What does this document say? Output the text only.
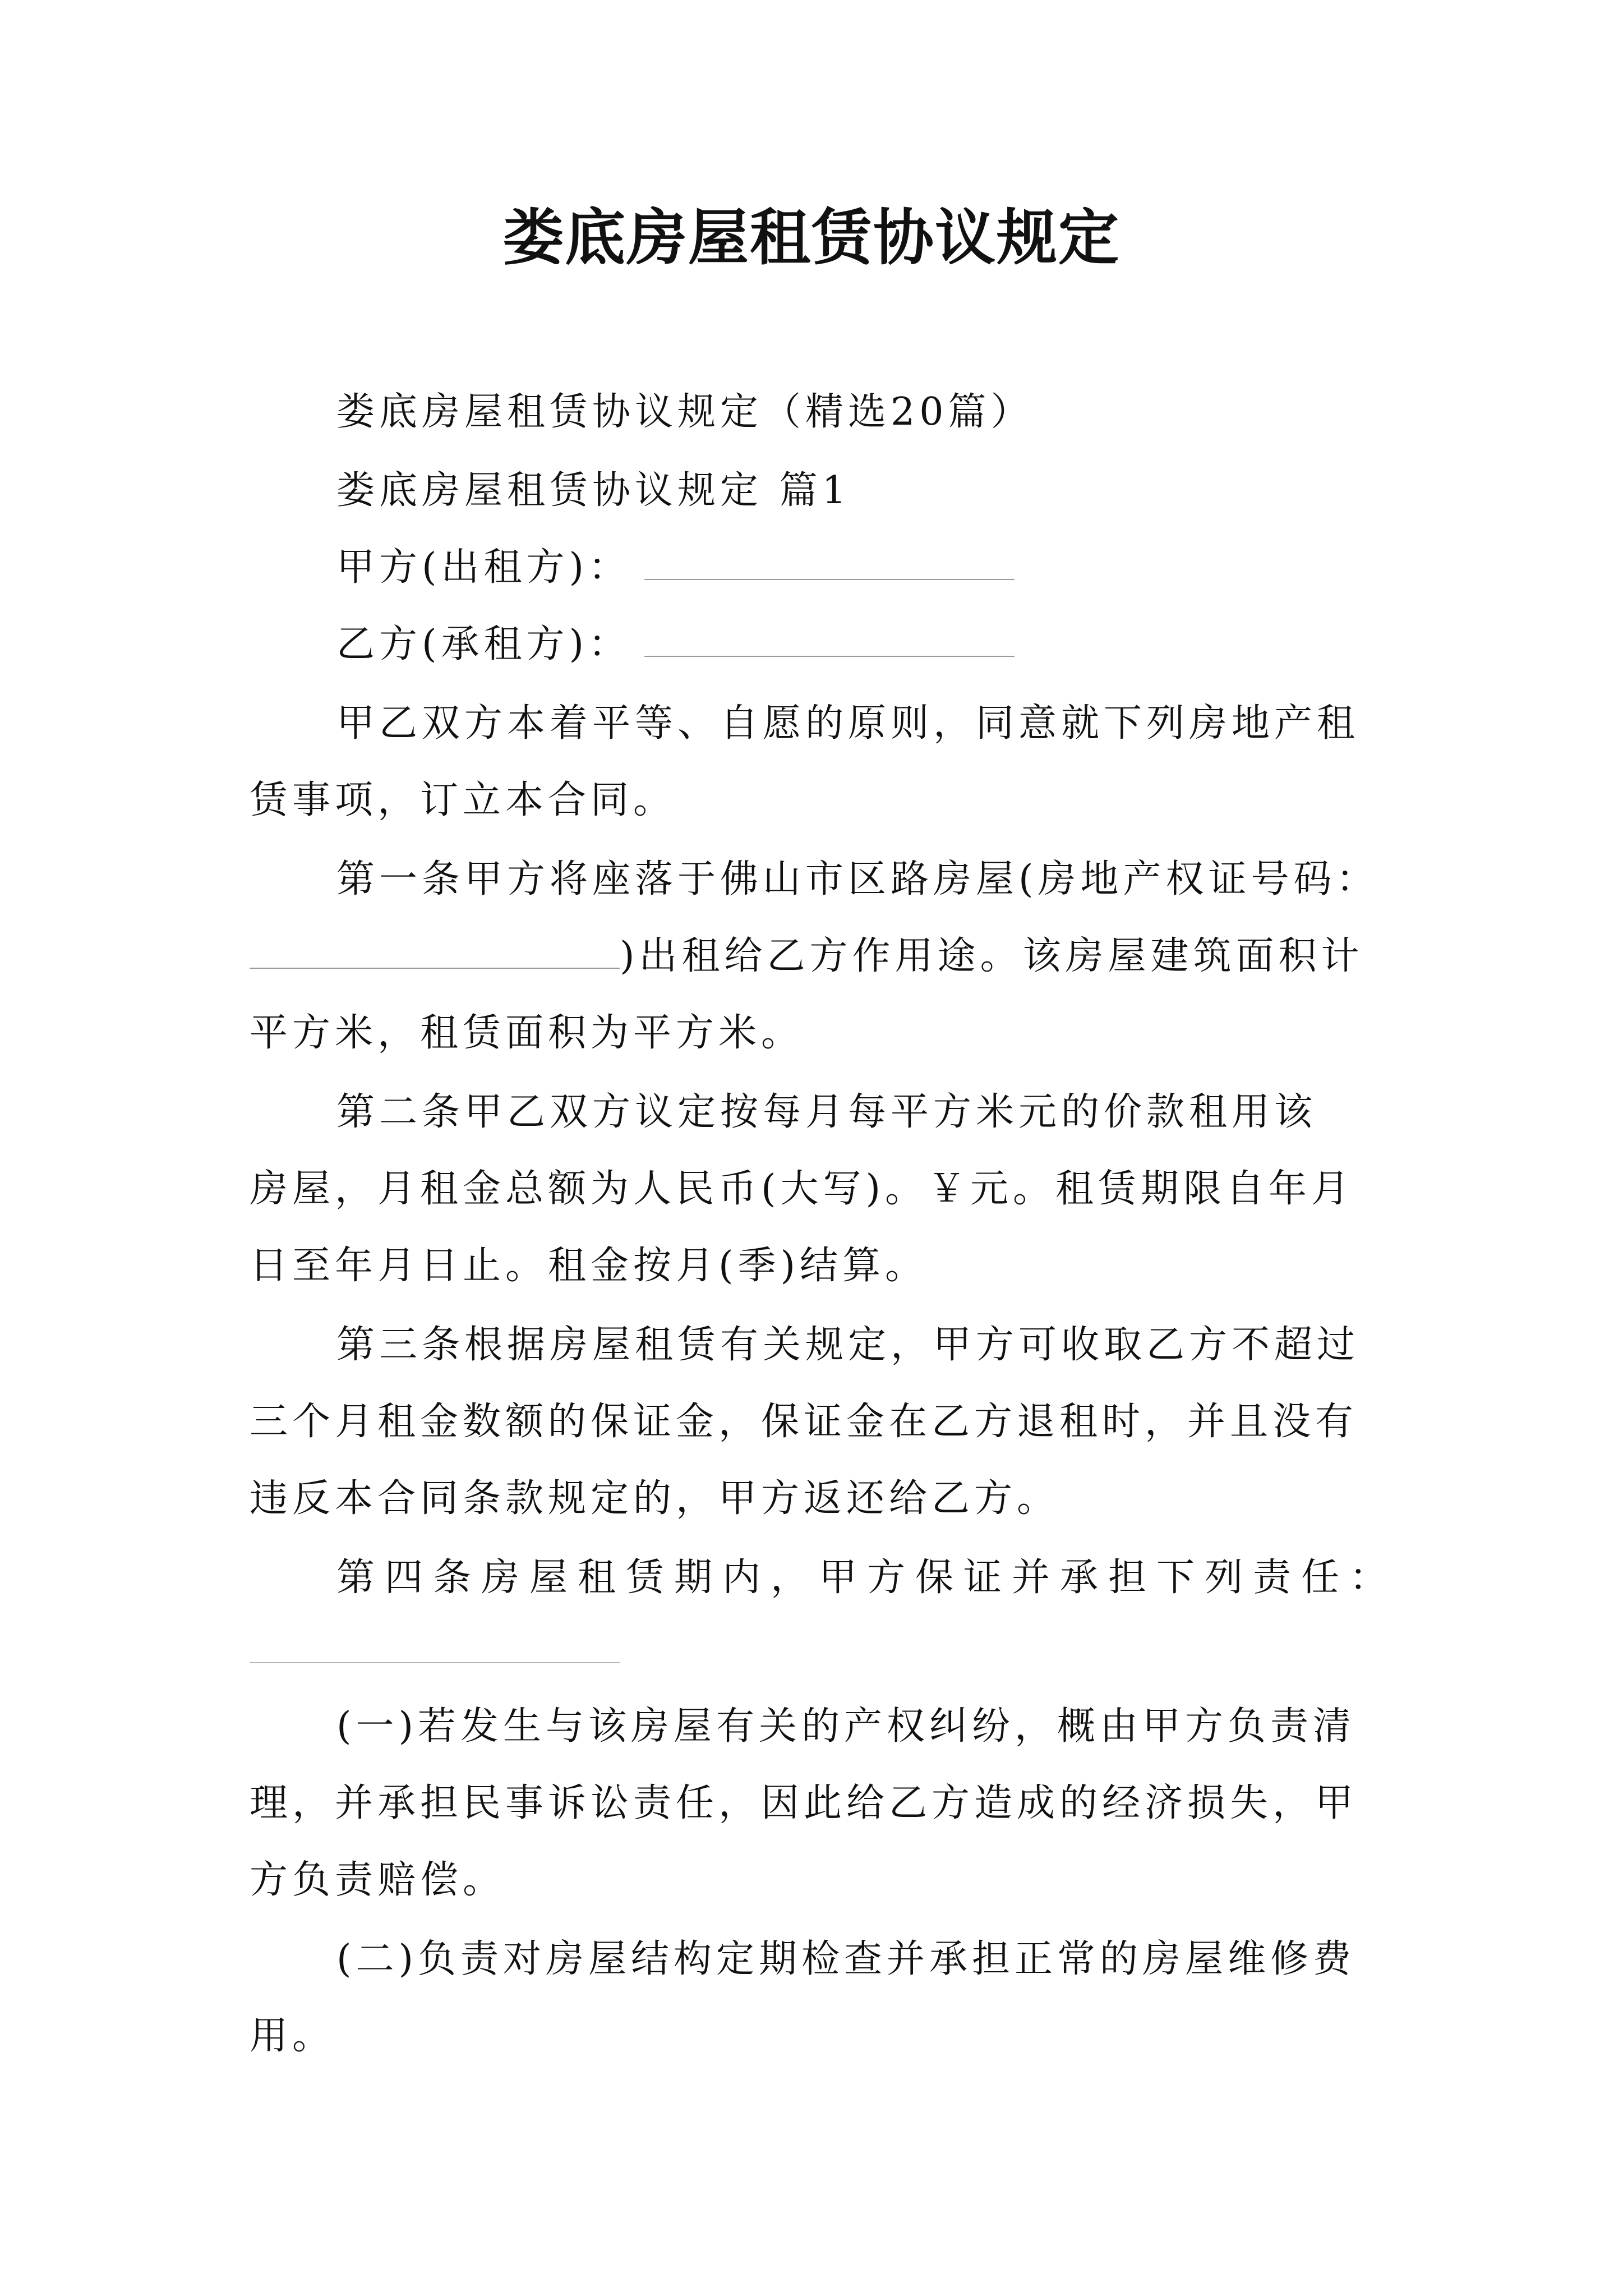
娄底房屋租赁协议规定
娄底房屋租赁协议规定（精选20篇）
娄底房屋租赁协议规定 篇1
甲方(出租方)：
乙方(承租方)：
甲乙双方本着平等、自愿的原则，同意就下列房地产租
赁事项，订立本合同。
第一条甲方将座落于佛山市区路房屋(房地产权证号码：
)出租给乙方作用途。该房屋建筑面积计
平方米，租赁面积为平方米。
第二条甲乙双方议定按每月每平方米元的价款租用该
房屋，月租金总额为人民币(大写)。￥元。租赁期限自年月
日至年月日止。租金按月(季)结算。
第三条根据房屋租赁有关规定，甲方可收取乙方不超过
三个月租金数额的保证金，保证金在乙方退租时，并且没有
违反本合同条款规定的，甲方返还给乙方。
第四条房屋租赁期内，甲方保证并承担下列责任：
(一)若发生与该房屋有关的产权纠纷，概由甲方负责清
理，并承担民事诉讼责任，因此给乙方造成的经济损失，甲
方负责赔偿。
(二)负责对房屋结构定期检查并承担正常的房屋维修费
用。
